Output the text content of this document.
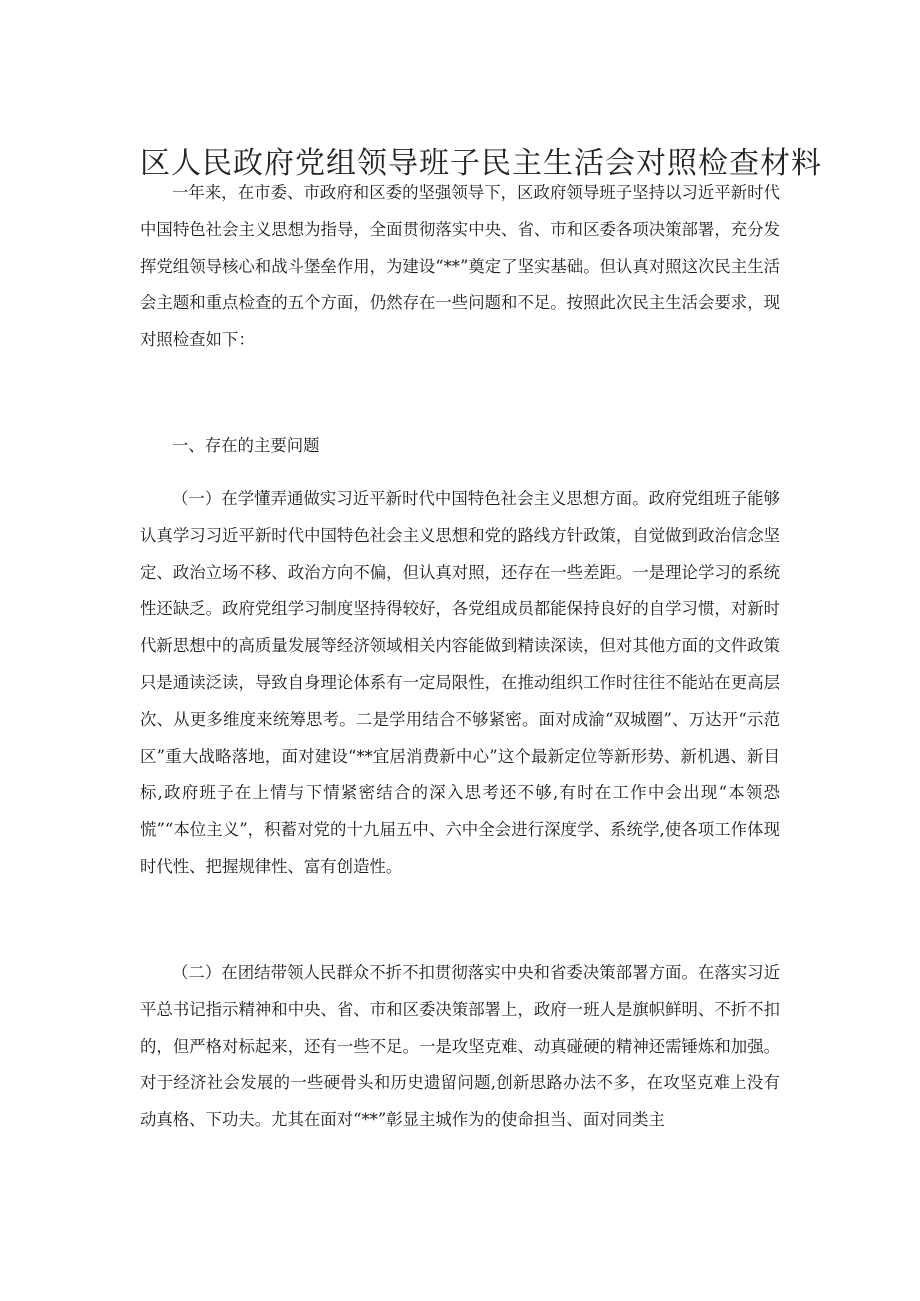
区人民政府党组领导班子民主生活会对照检查材料
一年来，在市委、市政府和区委的坚强领导下，区政府领导班子坚持以习近平新时代中国特色社会主义思想为指导，全面贯彻落实中央、省、市和区委各项决策部署，充分发挥党组领导核心和战斗堡垒作用，为建设“**”奠定了坚实基础。但认真对照这次民主生活会主题和重点检查的五个方面，仍然存在一些问题和不足。按照此次民主生活会要求，现对照检查如下：
一、存在的主要问题
（一）在学懂弄通做实习近平新时代中国特色社会主义思想方面。政府党组班子能够认真学习习近平新时代中国特色社会主义思想和党的路线方针政策，自觉做到政治信念坚定、政治立场不移、政治方向不偏，但认真对照，还存在一些差距。一是理论学习的系统性还缺乏。政府党组学习制度坚持得较好，各党组成员都能保持良好的自学习惯，对新时代新思想中的高质量发展等经济领域相关内容能做到精读深读，但对其他方面的文件政策只是通读泛读，导致自身理论体系有一定局限性，在推动组织工作时往往不能站在更高层次、从更多维度来统筹思考。二是学用结合不够紧密。面对成渝“双城圈”、万达开“示范区”重大战略落地，面对建设“**宜居消费新中心”这个最新定位等新形势、新机遇、新目标,政府班子在上情与下情紧密结合的深入思考还不够,有时在工作中会出现“本领恐慌”“本位主义”，积蓄对党的十九届五中、六中全会进行深度学、系统学,使各项工作体现时代性、把握规律性、富有创造性。
（二）在团结带领人民群众不折不扣贯彻落实中央和省委决策部署方面。在落实习近平总书记指示精神和中央、省、市和区委决策部署上，政府一班人是旗帜鲜明、不折不扣的，但严格对标起来，还有一些不足。一是攻坚克难、动真碰硬的精神还需锤炼和加强。对于经济社会发展的一些硬骨头和历史遗留问题,创新思路办法不多，在攻坚克难上没有动真格、下功夫。尤其在面对“**”彰显主城作为的使命担当、面对同类主
